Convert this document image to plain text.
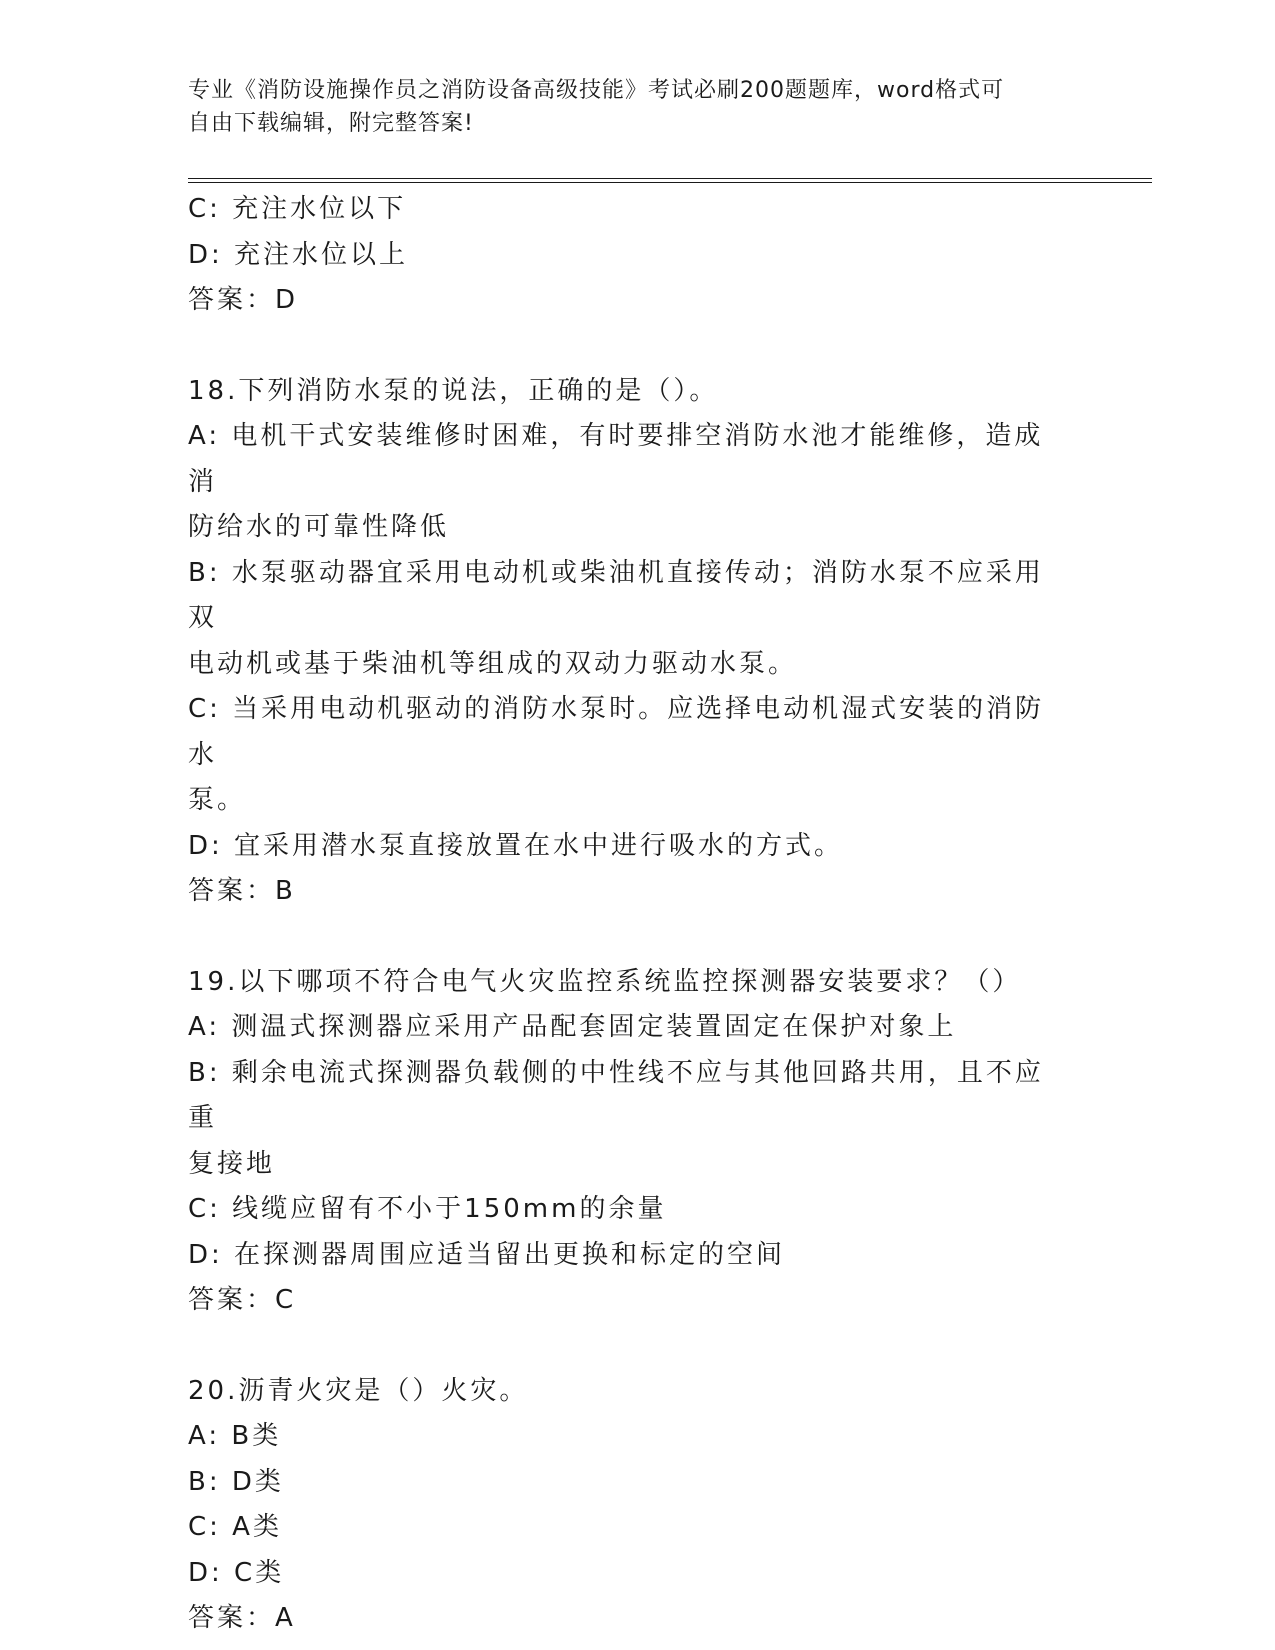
专业《消防设施操作员之消防设备高级技能》考试必刷200题题库，word格式可
自由下载编辑，附完整答案!
C: 充注水位以下
D: 充注水位以上
答案：D
18.下列消防水泵的说法，正确的是（）。
A: 电机干式安装维修时困难，有时要排空消防水池才能维修，造成消
防给水的可靠性降低
B: 水泵驱动器宜采用电动机或柴油机直接传动；消防水泵不应采用双
电动机或基于柴油机等组成的双动力驱动水泵。
C: 当采用电动机驱动的消防水泵时。应选择电动机湿式安装的消防水
泵。
D: 宜采用潜水泵直接放置在水中进行吸水的方式。
答案：B
19.以下哪项不符合电气火灾监控系统监控探测器安装要求？（）
A: 测温式探测器应采用产品配套固定装置固定在保护对象上
B: 剩余电流式探测器负载侧的中性线不应与其他回路共用，且不应重
复接地
C: 线缆应留有不小于150mm的余量
D: 在探测器周围应适当留出更换和标定的空间
答案：C
20.沥青火灾是（）火灾。
A: B类
B: D类
C: A类
D: C类
答案：A
